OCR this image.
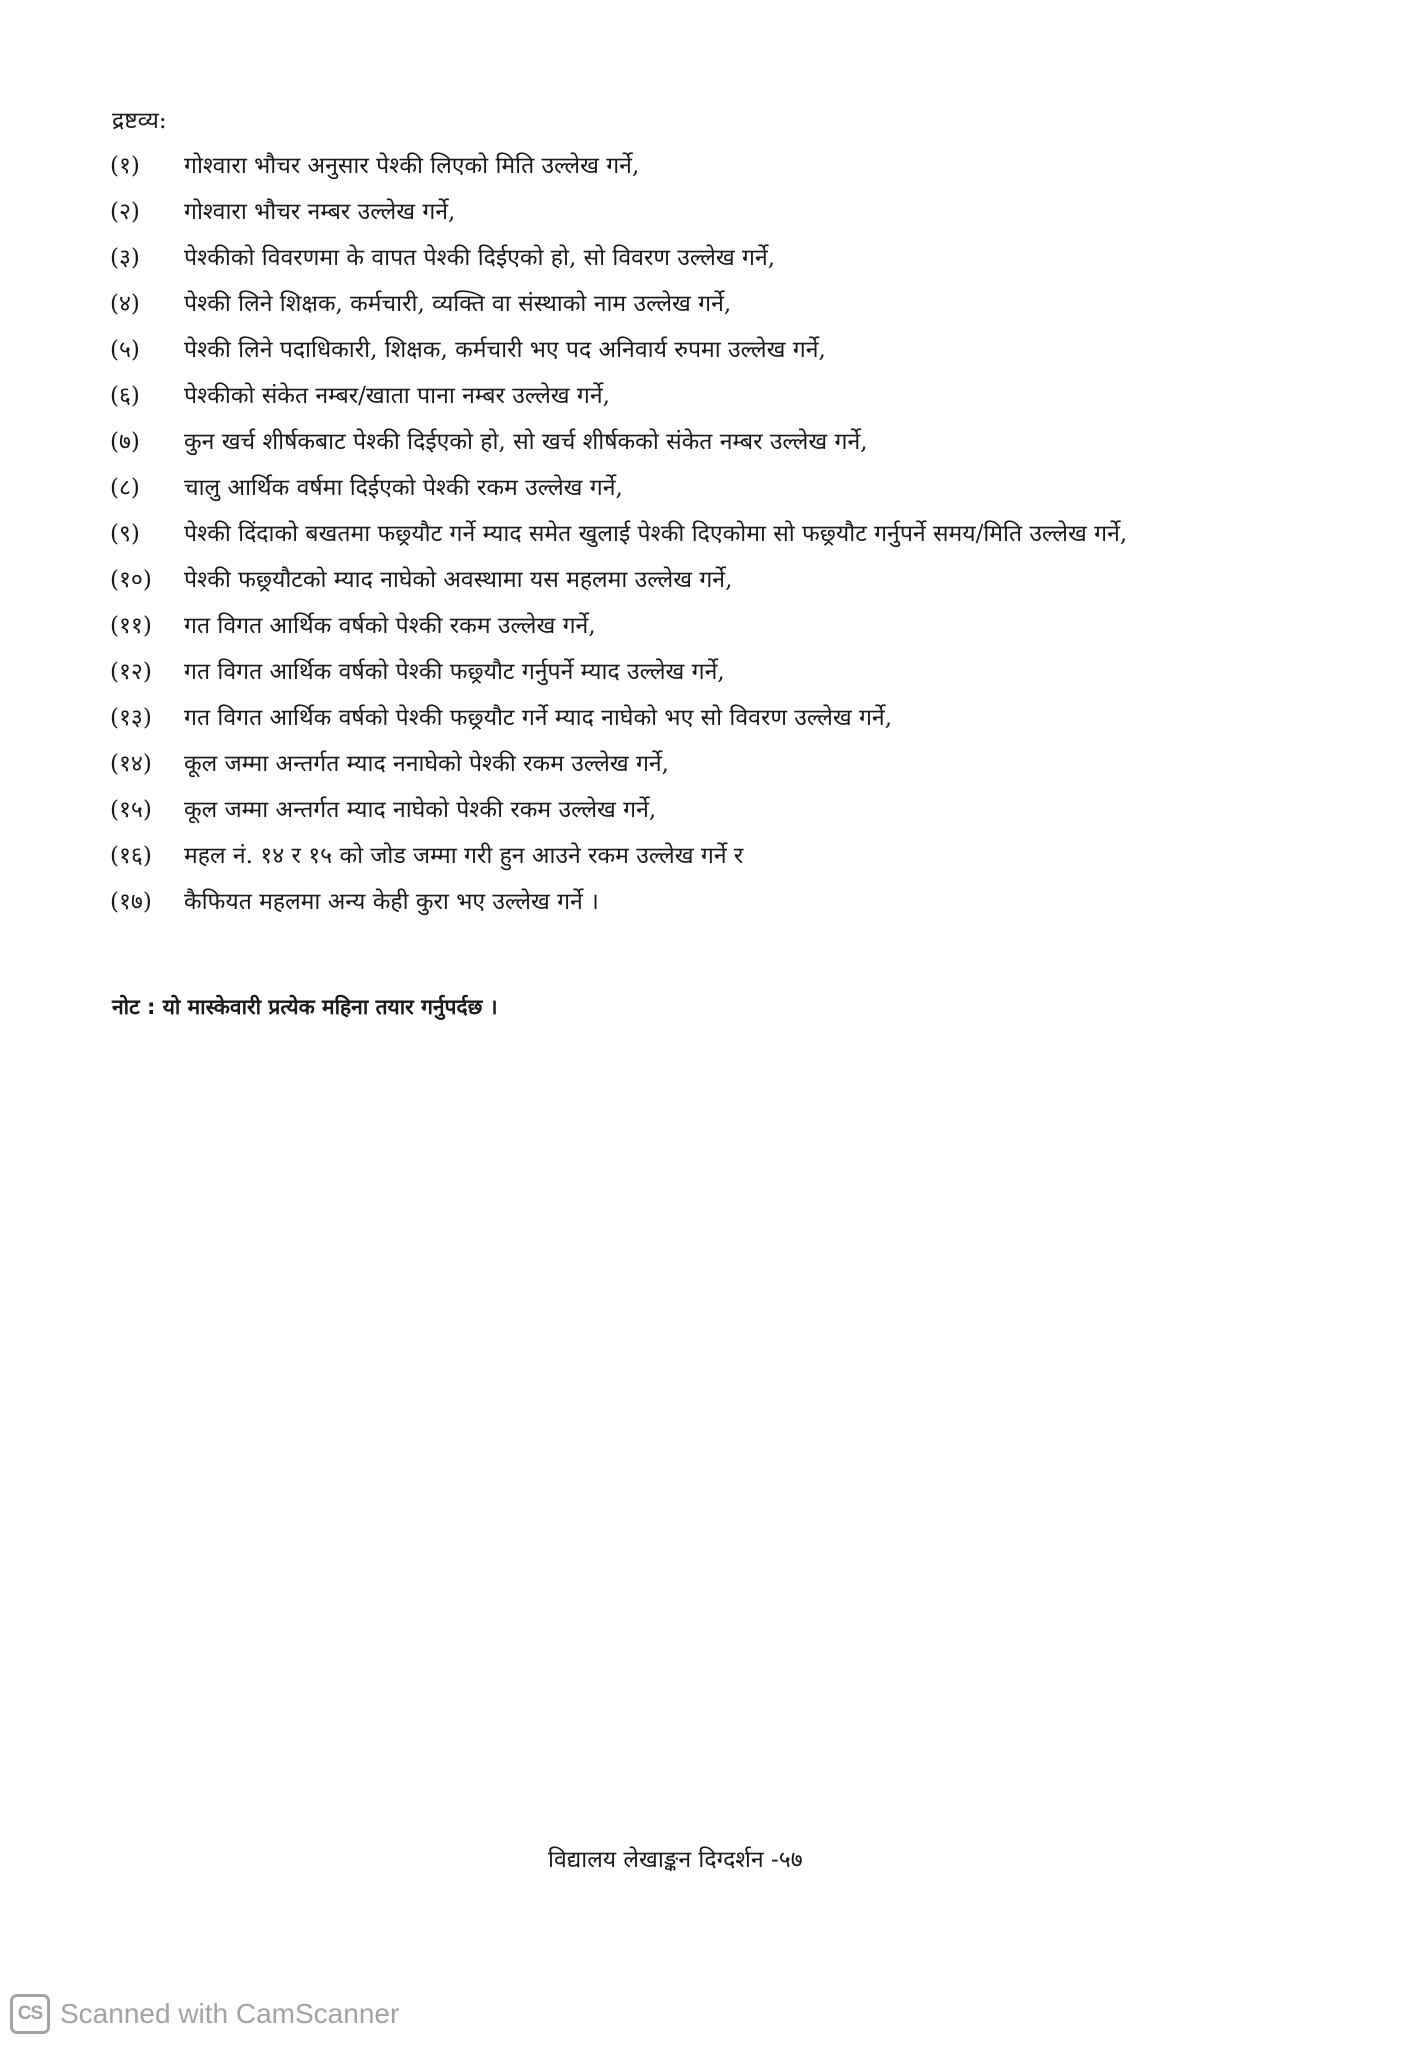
द्रष्टव्य:
(१) गोश्वारा भौचर अनुसार पेश्की लिएको मिति उल्लेख गर्ने,
(२) गोश्वारा भौचर नम्बर उल्लेख गर्ने,
(३) पेश्कीको विवरणमा के वापत पेश्की दिईएको हो, सो विवरण उल्लेख गर्ने,
(४) पेश्की लिने शिक्षक, कर्मचारी, व्यक्ति वा संस्थाको नाम उल्लेख गर्ने,
(५) पेश्की लिने पदाधिकारी, शिक्षक, कर्मचारी भए पद अनिवार्य रुपमा उल्लेख गर्ने,
(६) पेश्कीको संकेत नम्बर/खाता पाना नम्बर उल्लेख गर्ने,
(७) कुन खर्च शीर्षकबाट पेश्की दिईएको हो, सो खर्च शीर्षकको संकेत नम्बर उल्लेख गर्ने,
(८) चालु आर्थिक वर्षमा दिईएको पेश्की रकम उल्लेख गर्ने,
(९) पेश्की दिंदाको बखतमा फछ्र्यौट गर्ने म्याद समेत खुलाई पेश्की दिएकोमा सो फछ्र्यौट गर्नुपर्ने समय/मिति उल्लेख गर्ने,
(१०) पेश्की फछ्र्यौटको म्याद नाघेको अवस्थामा यस महलमा उल्लेख गर्ने,
(११) गत विगत आर्थिक वर्षको पेश्की रकम उल्लेख गर्ने,
(१२) गत विगत आर्थिक वर्षको पेश्की फछ्र्यौट गर्नुपर्ने म्याद उल्लेख गर्ने,
(१३) गत विगत आर्थिक वर्षको पेश्की फछ्र्यौट गर्ने म्याद नाघेको भए सो विवरण उल्लेख गर्ने,
(१४) कूल जम्मा अन्तर्गत म्याद ननाघेको पेश्की रकम उल्लेख गर्ने,
(१५) कूल जम्मा अन्तर्गत म्याद नाघेको पेश्की रकम उल्लेख गर्ने,
(१६) महल नं. १४ र १५ को जोड जम्मा गरी हुन आउने रकम उल्लेख गर्ने र
(१७) कैफियत महलमा अन्य केही कुरा भए उल्लेख गर्ने ।
नोट : यो मास्केवारी प्रत्येक महिना तयार गर्नुपर्दछ ।
विद्यालय लेखाङ्कन दिग्दर्शन -५७
CS Scanned with CamScanner
